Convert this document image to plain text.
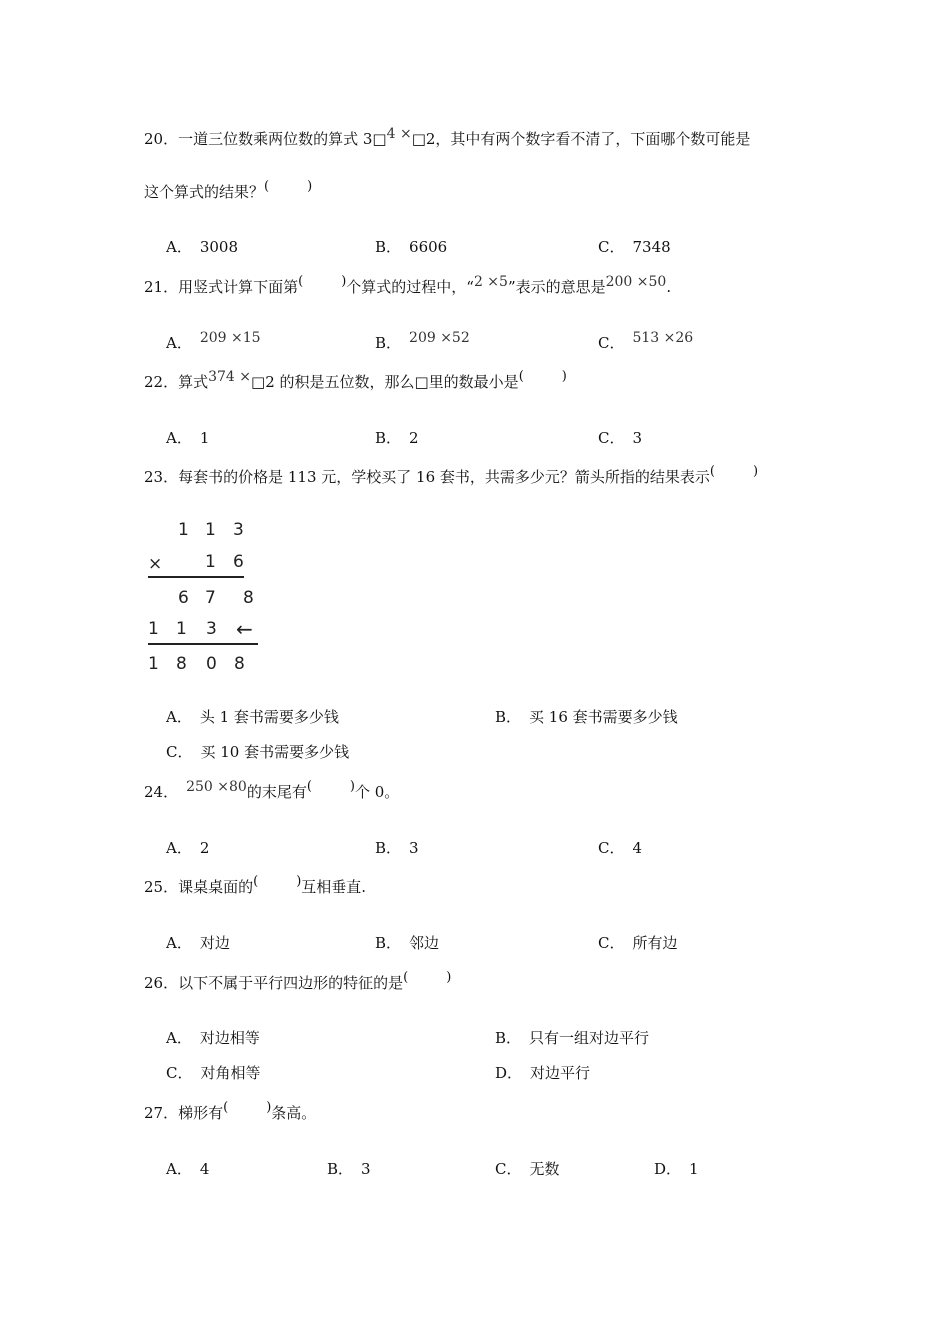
20．一道三位数乘两位数的算式 3□4 ×□2，其中有两个数字看不清了，下面哪个数可能是
这个算式的结果？(	)
A． 3008	B． 6606	C． 7348
21．用竖式计算下面第(	)个算式的过程中，“2 ×5”表示的意思是200 ×50.
A． 209 ×15	B． 209 ×52	C． 513 ×26
22．算式374 ×□2 的积是五位数，那么□里的数最小是(	)
A． 1	B． 2	C． 3
23．每套书的价格是 113 元，学校买了 16 套书，共需多少元？箭头所指的结果表示(	)
1 1 3
×	1 6
6 7 8
1 1 3 ←
1 8 0 8
A． 头 1 套书需要多少钱	B． 买 16 套书需要多少钱
C． 买 10 套书需要多少钱
24． 250 ×80的末尾有(	)个 0。
A． 2	B． 3	C． 4
25．课桌桌面的(	)互相垂直.
A． 对边	B． 邻边	C． 所有边
26．以下不属于平行四边形的特征的是(	)
A． 对边相等	B． 只有一组对边平行
C． 对角相等	D． 对边平行
27．梯形有(	)条高。
A． 4	B． 3	C． 无数	D． 1
